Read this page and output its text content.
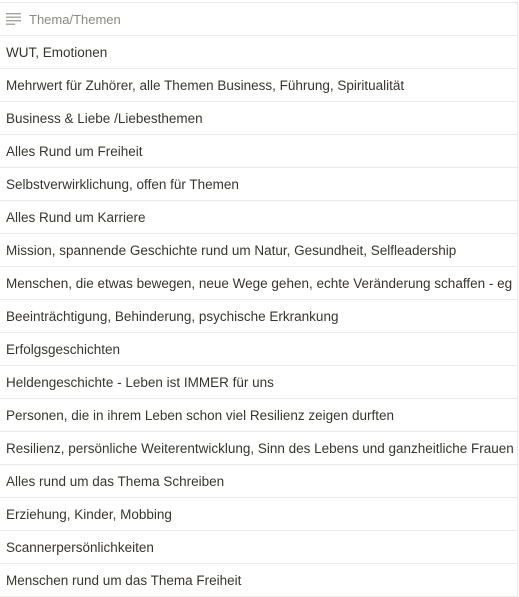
Thema/Themen
WUT, Emotionen
Mehrwert für Zuhörer, alle Themen Business, Führung, Spiritualität
Business & Liebe /Liebesthemen
Alles Rund um Freiheit
Selbstverwirklichung, offen für Themen
Alles Rund um Karriere
Mission, spannende Geschichte rund um Natur, Gesundheit, Selfleadership
Menschen, die etwas bewegen, neue Wege gehen, echte Veränderung schaffen - eg
Beeinträchtigung, Behinderung, psychische Erkrankung
Erfolgsgeschichten
Heldengeschichte - Leben ist IMMER für uns
Personen, die in ihrem Leben schon viel Resilienz zeigen durften
Resilienz, persönliche Weiterentwicklung, Sinn des Lebens und ganzheitliche Frauen
Alles rund um das Thema Schreiben
Erziehung, Kinder, Mobbing
Scannerpersönlichkeiten
Menschen rund um das Thema Freiheit
